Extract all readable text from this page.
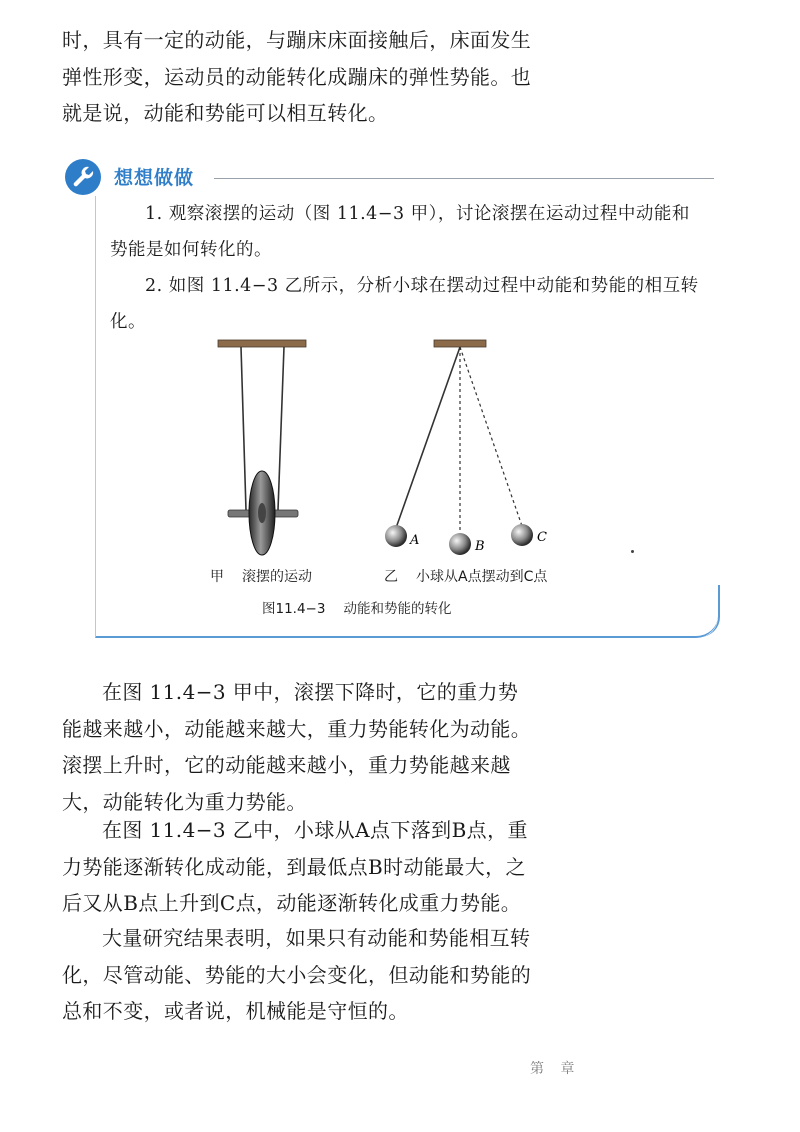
时，具有一定的动能，与蹦床床面接触后，床面发生弹性形变，运动员的动能转化成蹦床的弹性势能。也就是说，动能和势能可以相互转化。

想想做做

1. 观察滚摆的运动（图 11.4−3 甲），讨论滚摆在运动过程中动能和势能是如何转化的。

2. 如图 11.4−3 乙所示，分析小球在摆动过程中动能和势能的相互转化。

A	B
C
甲 滚摆的运动	乙 小球从A点摆动到C点
图11.4−3 动能和势能的转化

在图 11.4−3 甲中，滚摆下降时，它的重力势能越来越小，动能越来越大，重力势能转化为动能。滚摆上升时，它的动能越来越小，重力势能越来越大，动能转化为重力势能。

在图 11.4−3 乙中，小球从A点下落到B点，重力势能逐渐转化成动能，到最低点B时动能最大，之后又从B点上升到C点，动能逐渐转化成重力势能。

大量研究结果表明，如果只有动能和势能相互转化，尽管动能、势能的大小会变化，但动能和势能的总和不变，或者说，机械能是守恒的。

第 章
